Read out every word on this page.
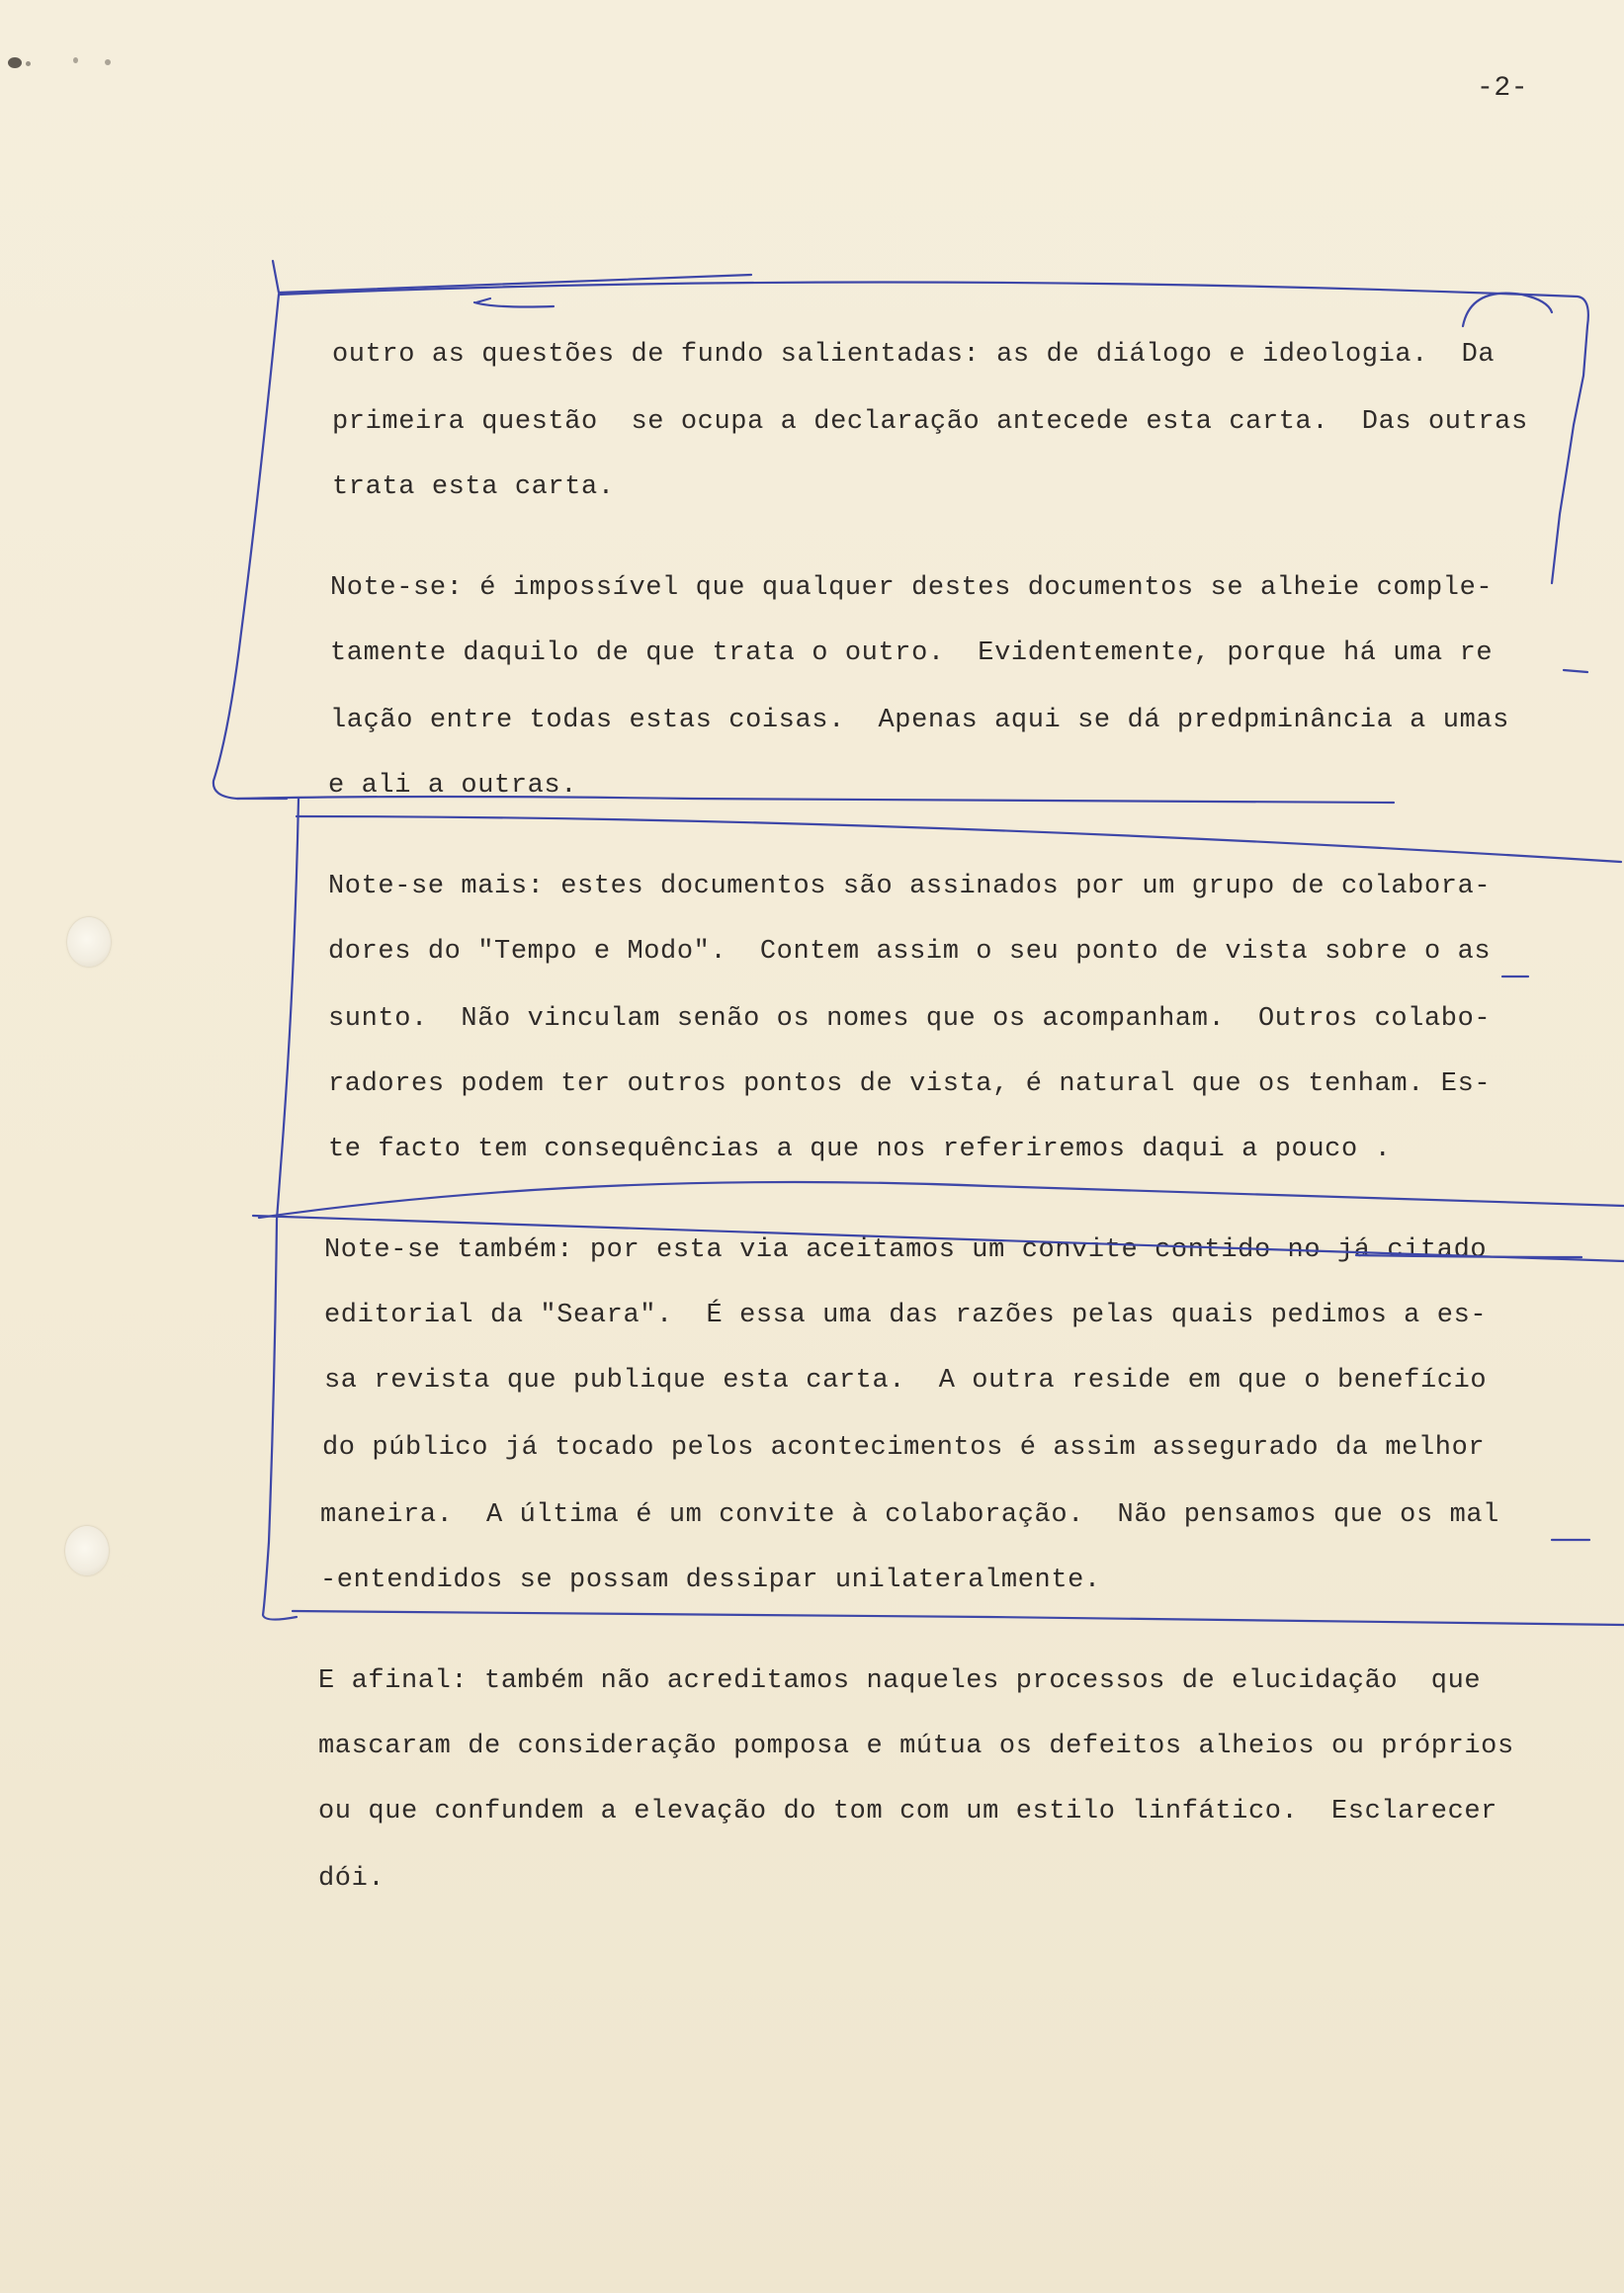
-2-
outro as questões de fundo salientadas: as de diálogo e ideologia.  Da
primeira questão  se ocupa a declaração antecede esta carta.  Das outras
trata esta carta.
Note-se: é impossível que qualquer destes documentos se alheie comple-
tamente daquilo de que trata o outro.  Evidentemente, porque há uma re
lação entre todas estas coisas.  Apenas aqui se dá predpminância a umas
e ali a outras.
Note-se mais: estes documentos são assinados por um grupo de colabora-
dores do "Tempo e Modo".  Contem assim o seu ponto de vista sobre o as
sunto.  Não vinculam senão os nomes que os acompanham.  Outros colabo-
radores podem ter outros pontos de vista, é natural que os tenham. Es-
te facto tem consequências a que nos referiremos daqui a pouco .
Note-se também: por esta via aceitamos um convite contido no já citado
editorial da "Seara".  É essa uma das razões pelas quais pedimos a es-
sa revista que publique esta carta.  A outra reside em que o benefício
do público já tocado pelos acontecimentos é assim assegurado da melhor
maneira.  A última é um convite à colaboração.  Não pensamos que os mal
-entendidos se possam dessipar unilateralmente.
E afinal: também não acreditamos naqueles processos de elucidação  que
mascaram de consideração pomposa e mútua os defeitos alheios ou próprios
ou que confundem a elevação do tom com um estilo linfático.  Esclarecer
dói.
